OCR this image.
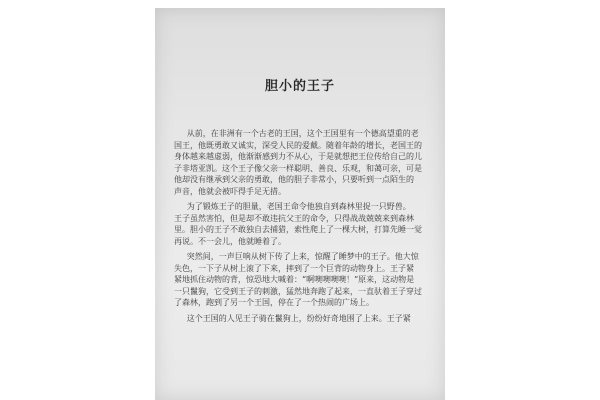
胆小的王子
从前，在非洲有一个古老的王国，这个王国里有一个德高望重的老
国王，他既勇敢又诚实，深受人民的爱戴。随着年龄的增长，老国王的
身体越来越虚弱，他渐渐感到力不从心，于是就想把王位传给自己的儿
子非塔亚凯。这个王子像父亲一样聪明、善良、乐观，和蔼可亲，可是
他却没有继承到父亲的勇敢，他的胆子非常小，只要听到一点陌生的
声音，他就会被吓得手足无措。
为了锻炼王子的胆量，老国王命令他独自到森林里捉一只野兽。
王子虽然害怕，但是却不敢违抗父王的命令，只得战战兢兢来到森林
里。胆小的王子不敢独自去捕猎，索性爬上了一棵大树，打算先睡一觉
再说。不一会儿，他就睡着了。
突然间，一声巨响从树下传了上来，惊醒了睡梦中的王子。他大惊
失色，一下子从树上滚了下来，摔到了一个巨背的动物身上。王子紧
紧地抓住动物的背，惊恐地大喊着：“啊噢噢噢噢！”原来，这动物是
一只鬣狗，它受到王子的刺激，猛然地奔跑了起来，一直驮着王子穿过
了森林，跑到了另一个王国，停在了一个热闹的广场上。
这个王国的人见王子骑在鬣狗上，纷纷好奇地围了上来。王子紧
